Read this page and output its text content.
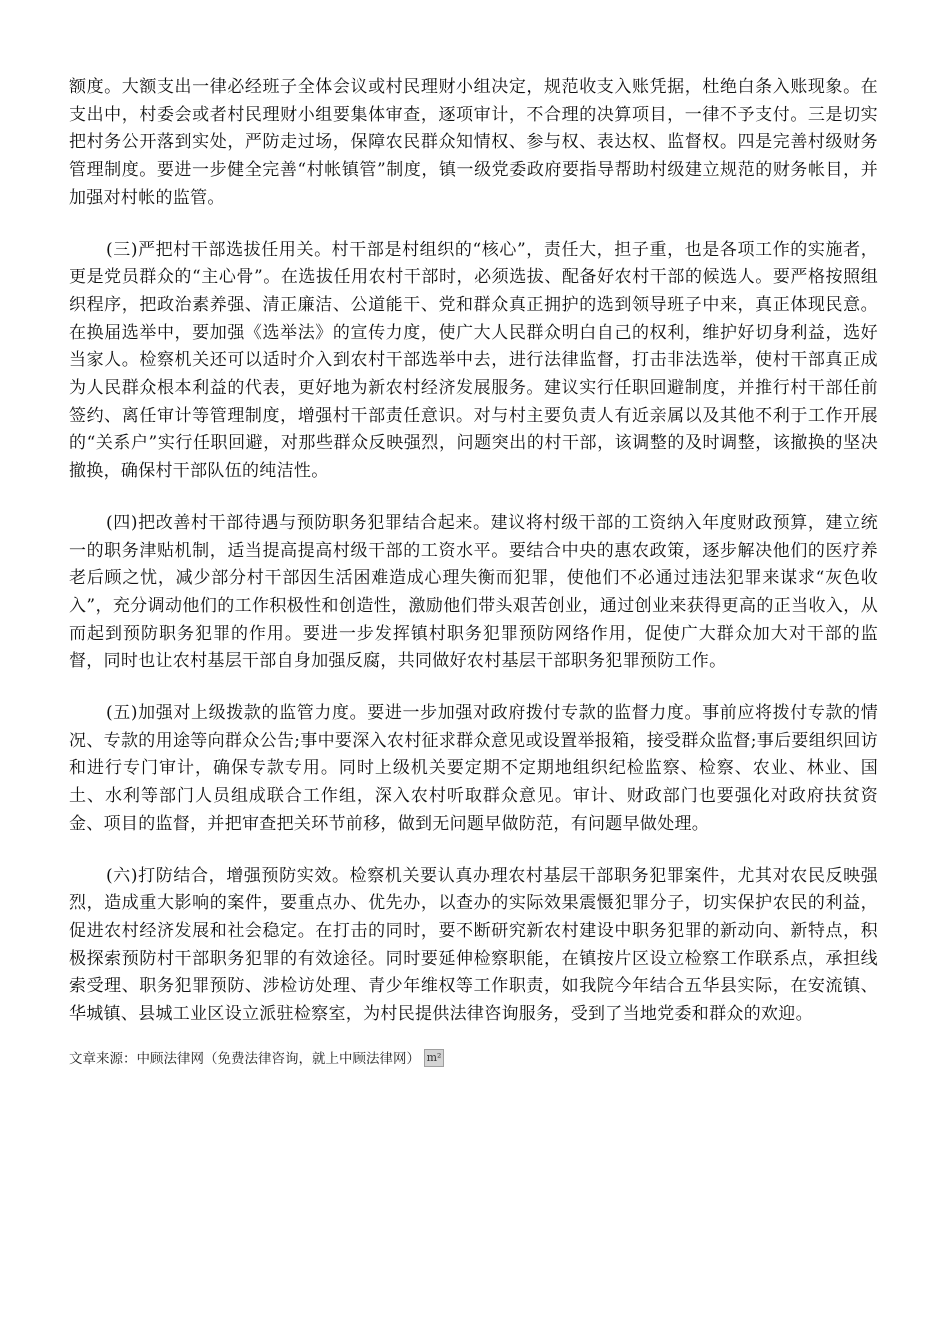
额度。大额支出一律必经班子全体会议或村民理财小组决定，规范收支入账凭据，杜绝白条入账现象。在支出中，村委会或者村民理财小组要集体审查，逐项审计，不合理的决算项目，一律不予支付。三是切实把村务公开落到实处，严防走过场，保障农民群众知情权、参与权、表达权、监督权。四是完善村级财务管理制度。要进一步健全完善“村帐镇管”制度，镇一级党委政府要指导帮助村级建立规范的财务帐目，并加强对村帐的监管。

(三)严把村干部选拔任用关。村干部是村组织的“核心”，责任大，担子重，也是各项工作的实施者，更是党员群众的“主心骨”。在选拔任用农村干部时，必须选拔、配备好农村干部的候选人。要严格按照组织程序，把政治素养强、清正廉洁、公道能干、党和群众真正拥护的选到领导班子中来，真正体现民意。在换届选举中，要加强《选举法》的宣传力度，使广大人民群众明白自己的权利，维护好切身利益，选好当家人。检察机关还可以适时介入到农村干部选举中去，进行法律监督，打击非法选举，使村干部真正成为人民群众根本利益的代表，更好地为新农村经济发展服务。建议实行任职回避制度，并推行村干部任前签约、离任审计等管理制度，增强村干部责任意识。对与村主要负责人有近亲属以及其他不利于工作开展的“关系户”实行任职回避，对那些群众反映强烈，问题突出的村干部，该调整的及时调整，该撤换的坚决撤换，确保村干部队伍的纯洁性。

(四)把改善村干部待遇与预防职务犯罪结合起来。建议将村级干部的工资纳入年度财政预算，建立统一的职务津贴机制，适当提高提高村级干部的工资水平。要结合中央的惠农政策，逐步解决他们的医疗养老后顾之忧，减少部分村干部因生活困难造成心理失衡而犯罪，使他们不必通过违法犯罪来谋求“灰色收入”，充分调动他们的工作积极性和创造性，激励他们带头艰苦创业，通过创业来获得更高的正当收入，从而起到预防职务犯罪的作用。要进一步发挥镇村职务犯罪预防网络作用，促使广大群众加大对干部的监督，同时也让农村基层干部自身加强反腐，共同做好农村基层干部职务犯罪预防工作。

(五)加强对上级拨款的监管力度。要进一步加强对政府拨付专款的监督力度。事前应将拨付专款的情况、专款的用途等向群众公告;事中要深入农村征求群众意见或设置举报箱，接受群众监督;事后要组织回访和进行专门审计，确保专款专用。同时上级机关要定期不定期地组织纪检监察、检察、农业、林业、国土、水利等部门人员组成联合工作组，深入农村听取群众意见。审计、财政部门也要强化对政府扶贫资金、项目的监督，并把审查把关环节前移，做到无问题早做防范，有问题早做处理。

(六)打防结合，增强预防实效。检察机关要认真办理农村基层干部职务犯罪案件，尤其对农民反映强烈，造成重大影响的案件，要重点办、优先办，以查办的实际效果震慑犯罪分子，切实保护农民的利益，促进农村经济发展和社会稳定。在打击的同时，要不断研究新农村建设中职务犯罪的新动向、新特点，积极探索预防村干部职务犯罪的有效途径。同时要延伸检察职能，在镇按片区设立检察工作联系点，承担线索受理、职务犯罪预防、涉检访处理、青少年维权等工作职责，如我院今年结合五华县实际，在安流镇、华城镇、县城工业区设立派驻检察室，为村民提供法律咨询服务，受到了当地党委和群众的欢迎。

文章来源：中顾法律网（免费法律咨询，就上中顾法律网） m²
